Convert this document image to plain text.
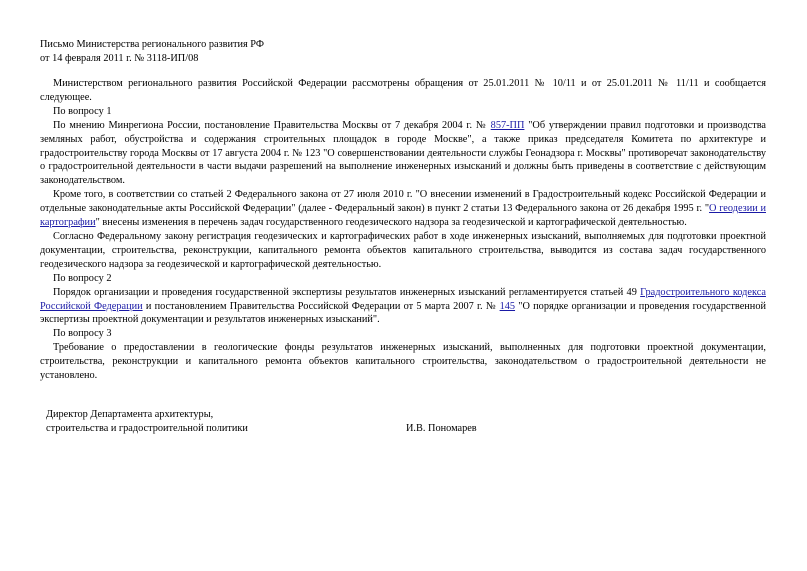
Письмо Министерства регионального развития РФ
от 14 февраля 2011 г. № 3118-ИП/08

Министерством регионального развития Российской Федерации рассмотрены обращения от 25.01.2011 № 10/11 и от 25.01.2011 № 11/11 и сообщается следующее.

По вопросу 1

По мнению Минрегиона России, постановление Правительства Москвы от 7 декабря 2004 г. № 857-ПП "Об утверждении правил подготовки и производства земляных работ, обустройства и содержания строительных площадок в городе Москве", а также приказ председателя Комитета по архитектуре и градостроительству города Москвы от 17 августа 2004 г. № 123 "О совершенствовании деятельности службы Геонадзора г. Москвы" противоречат законодательству о градостроительной деятельности в части выдачи разрешений на выполнение инженерных изысканий и должны быть приведены в соответствие с действующим законодательством.

Кроме того, в соответствии со статьей 2 Федерального закона от 27 июля 2010 г. "О внесении изменений в Градостроительный кодекс Российской Федерации и отдельные законодательные акты Российской Федерации" (далее - Федеральный закон) в пункт 2 статьи 13 Федерального закона от 26 декабря 1995 г. "О геодезии и картографии" внесены изменения в перечень задач государственного геодезического надзора за геодезической и картографической деятельностью.

Согласно Федеральному закону регистрация геодезических и картографических работ в ходе инженерных изысканий, выполняемых для подготовки проектной документации, строительства, реконструкции, капитального ремонта объектов капитального строительства, выводится из состава задач государственного геодезического надзора за геодезической и картографической деятельностью.

По вопросу 2

Порядок организации и проведения государственной экспертизы результатов инженерных изысканий регламентируется статьей 49 Градостроительного кодекса Российской Федерации и постановлением Правительства Российской Федерации от 5 марта 2007 г. № 145 "О порядке организации и проведения государственной экспертизы проектной документации и результатов инженерных изысканий".

По вопросу 3

Требование о предоставлении в геологические фонды результатов инженерных изысканий, выполненных для подготовки проектной документации, строительства, реконструкции и капитального ремонта объектов капитального строительства, законодательством о градостроительной деятельности не установлено.

Директор Департамента архитектуры,
строительства и градостроительной политики	И.В. Пономарев
